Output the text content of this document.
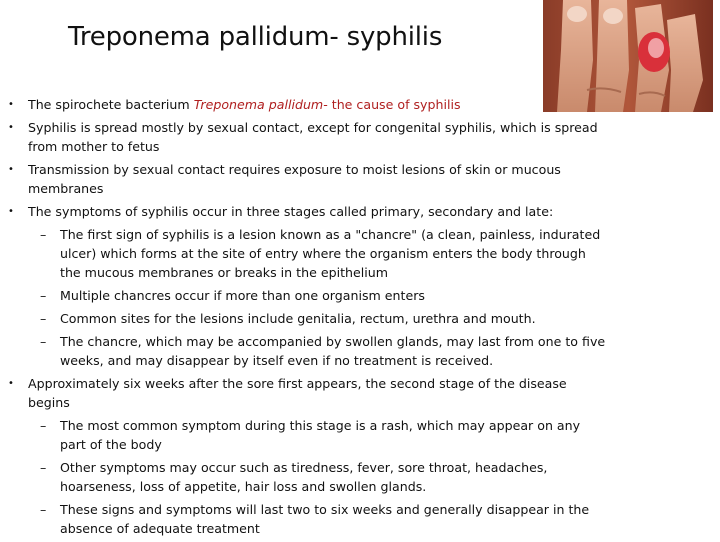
Treponema pallidum- syphilis
•	The spirochete bacterium Treponema pallidum- the cause of syphilis
•	Syphilis is spread mostly by sexual contact, except for congenital syphilis, which is spread
from mother to fetus
•	Transmission by sexual contact requires exposure to moist lesions of skin or mucous
membranes
•	The symptoms of syphilis occur in three stages called primary, secondary and late:
– The first sign of syphilis is a lesion known as a "chancre" (a clean, painless, indurated
ulcer) which forms at the site of entry where the organism enters the body through
the mucous membranes or breaks in the epithelium
– Multiple chancres occur if more than one organism enters
– Common sites for the lesions include genitalia, rectum, urethra and mouth.
– The chancre, which may be accompanied by swollen glands, may last from one to five
weeks, and may disappear by itself even if no treatment is received.
•	Approximately six weeks after the sore first appears, the second stage of the disease
begins
– The most common symptom during this stage is a rash, which may appear on any
part of the body
– Other symptoms may occur such as tiredness, fever, sore throat, headaches,
hoarseness, loss of appetite, hair loss and swollen glands.
– These signs and symptoms will last two to six weeks and generally disappear in the
absence of adequate treatment
